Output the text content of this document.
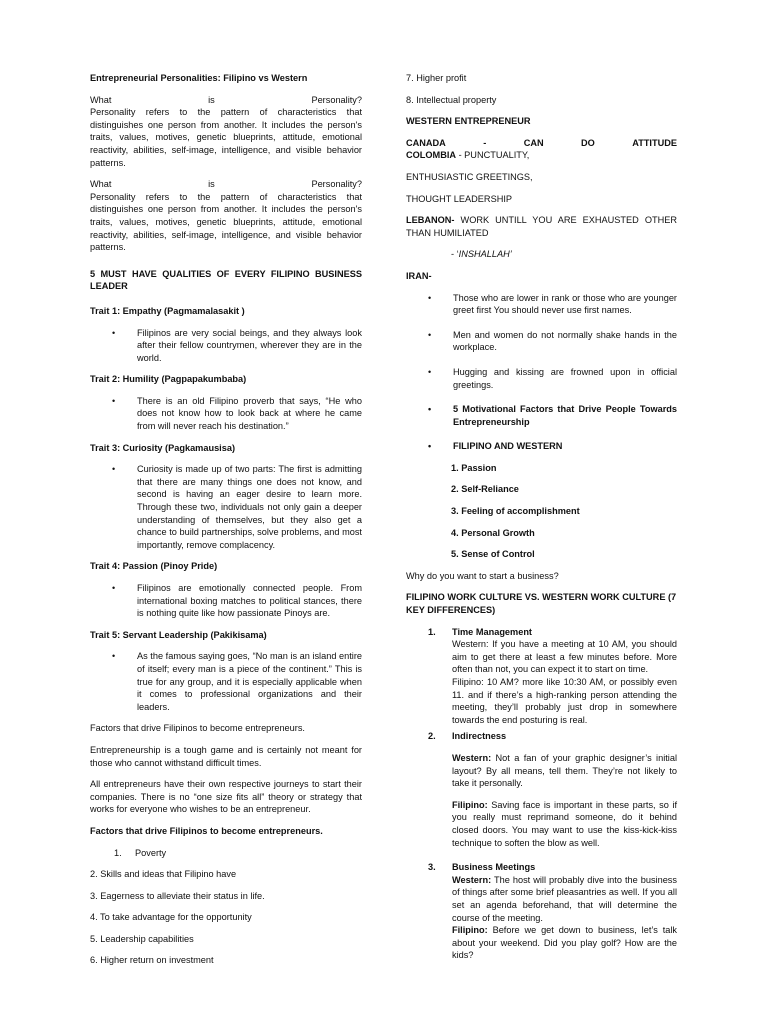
Entrepreneurial Personalities: Filipino vs Western

What	is	Personality?

Personality refers to the pattern of characteristics that distinguishes one person from another. It includes the person's traits, values, motives, genetic blueprints, attitude, emotional reactivity, abilities, self-image, intelligence, and visible behavior patterns.

What	is	Personality?

Personality refers to the pattern of characteristics that distinguishes one person from another. It includes the person's traits, values, motives, genetic blueprints, attitude, emotional reactivity, abilities, self-image, intelligence, and visible behavior patterns.

5 MUST HAVE QUALITIES OF EVERY FILIPINO BUSINESS LEADER

Trait 1: Empathy (Pagmamalasakit )

• Filipinos are very social beings, and they always look after their fellow countrymen, wherever they are in the world.

Trait 2: Humility (Pagpapakumbaba)

• There is an old Filipino proverb that says, “He who does not know how to look back at where he came from will never reach his destination.”

Trait 3: Curiosity (Pagkamausisa)

• Curiosity is made up of two parts: The first is admitting that there are many things one does not know, and second is having an eager desire to learn more. Through these two, individuals not only gain a deeper understanding of themselves, but they also get a chance to build partnerships, solve problems, and most importantly, remove complacency.

Trait 4: Passion (Pinoy Pride)

• Filipinos are emotionally connected people. From international boxing matches to political stances, there is nothing quite like how passionate Pinoys are.

Trait 5: Servant Leadership (Pakikisama)

• As the famous saying goes, “No man is an island entire of itself; every man is a piece of the continent.” This is true for any group, and it is especially applicable when it comes to professional organizations and their leaders.

Factors that drive Filipinos to become entrepreneurs.

Entrepreneurship is a tough game and is certainly not meant for those who cannot withstand difficult times.

All entrepreneurs have their own respective journeys to start their companies. There is no “one size fits all” theory or strategy that works for everyone who wishes to be an entrepreneur.

Factors that drive Filipinos to become entrepreneurs.

1. Poverty

2. Skills and ideas that Filipino have

3. Eagerness to alleviate their status in life.

4. To take advantage for the opportunity

5. Leadership capabilities

6. Higher return on investment

7. Higher profit

8. Intellectual property

WESTERN ENTREPRENEUR

CANADA	-	CAN	DO	ATTITUDE

COLOMBIA - PUNCTUALITY,

ENTHUSIASTIC GREETINGS,

THOUGHT LEADERSHIP

LEBANON- WORK UNTILL YOU ARE EXHAUSTED OTHER THAN HUMILIATED

- ‘INSHALLAH’

IRAN-

• Those who are lower in rank or those who are younger greet first You should never use first names.

• Men and women do not normally shake hands in the workplace.

• Hugging and kissing are frowned upon in official greetings.

• 5 Motivational Factors that Drive People Towards Entrepreneurship

• FILIPINO AND WESTERN

1. Passion

2. Self-Reliance

3. Feeling of accomplishment

4. Personal Growth

5. Sense of Control

Why do you want to start a business?

FILIPINO WORK CULTURE VS. WESTERN WORK CULTURE (7 KEY DIFFERENCES)

1. Time Management

Western: If you have a meeting at 10 AM, you should aim to get there at least a few minutes before. More often than not, you can expect it to start on time.

Filipino: 10 AM? more like 10:30 AM, or possibly even 11. and if there’s a high-ranking person attending the meeting, they’ll probably just drop in somewhere towards the end posturing is real.

2. Indirectness

Western: Not a fan of your graphic designer’s initial layout? By all means, tell them. They’re not likely to take it personally.

Filipino: Saving face is important in these parts, so if you really must reprimand someone, do it behind closed doors. You may want to use the kiss-kick-kiss technique to soften the blow as well.

3. Business Meetings

Western: The host will probably dive into the business of things after some brief pleasantries as well. If you all set an agenda beforehand, that will determine the course of the meeting.

Filipino: Before we get down to business, let’s talk about your weekend. Did you play golf? How are the kids?
